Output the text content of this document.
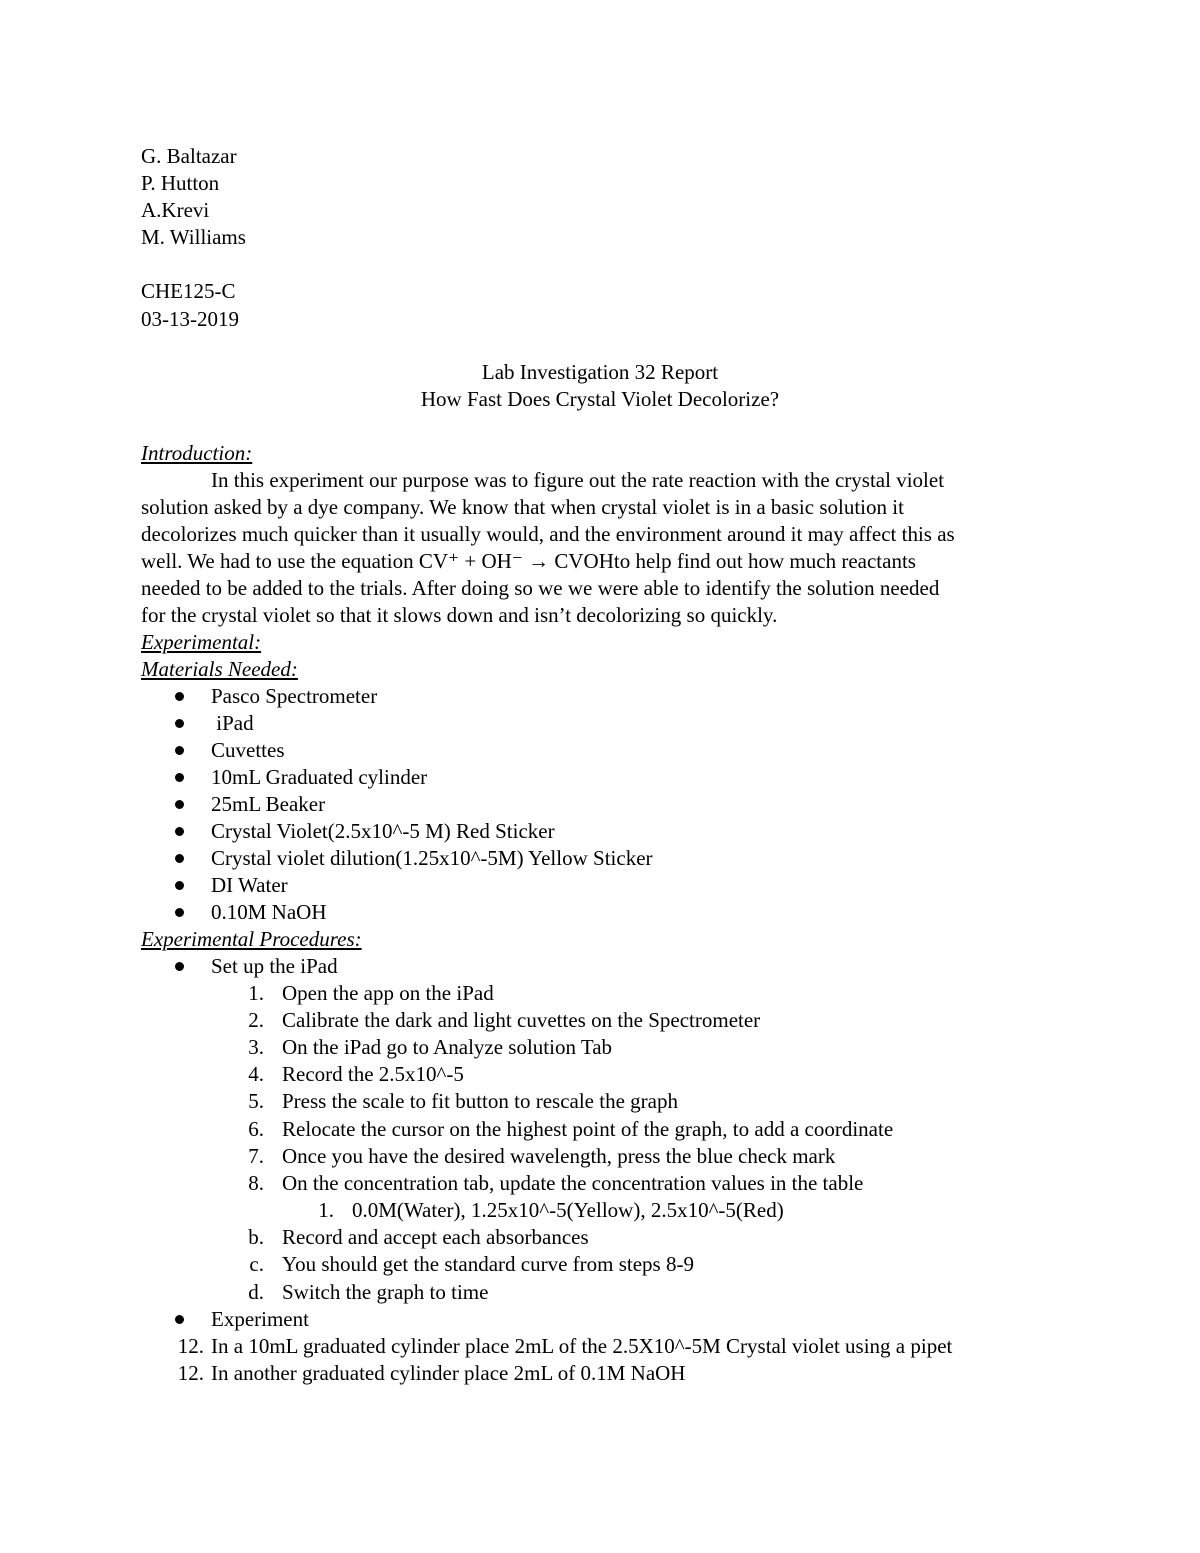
G. Baltazar
P. Hutton
A.Krevi
M. Williams
CHE125-C
03-13-2019
Lab Investigation 32 Report
How Fast Does Crystal Violet Decolorize?
Introduction:
In this experiment our purpose was to figure out the rate reaction with the crystal violet
solution asked by a dye company. We know that when crystal violet is in a basic solution it
decolorizes much quicker than it usually would, and the environment around it may affect this as
well. We had to use the equation CV⁺ + OH⁻ → CVOHto help find out how much reactants
needed to be added to the trials. After doing so we we were able to identify the solution needed
for the crystal violet so that it slows down and isn’t decolorizing so quickly.
Experimental:
Materials Needed:
Pasco Spectrometer
iPad
Cuvettes
10mL Graduated cylinder
25mL Beaker
Crystal Violet(2.5x10^-5 M) Red Sticker
Crystal violet dilution(1.25x10^-5M) Yellow Sticker
DI Water
0.10M NaOH
Experimental Procedures:
Set up the iPad
1. Open the app on the iPad
2. Calibrate the dark and light cuvettes on the Spectrometer
3. On the iPad go to Analyze solution Tab
4. Record the 2.5x10^-5
5. Press the scale to fit button to rescale the graph
6. Relocate the cursor on the highest point of the graph, to add a coordinate
7. Once you have the desired wavelength, press the blue check mark
8. On the concentration tab, update the concentration values in the table
1. 0.0M(Water), 1.25x10^-5(Yellow), 2.5x10^-5(Red)
b. Record and accept each absorbances
c. You should get the standard curve from steps 8-9
d. Switch the graph to time
Experiment
12. In a 10mL graduated cylinder place 2mL of the 2.5X10^-5M Crystal violet using a pipet
12. In another graduated cylinder place 2mL of 0.1M NaOH
